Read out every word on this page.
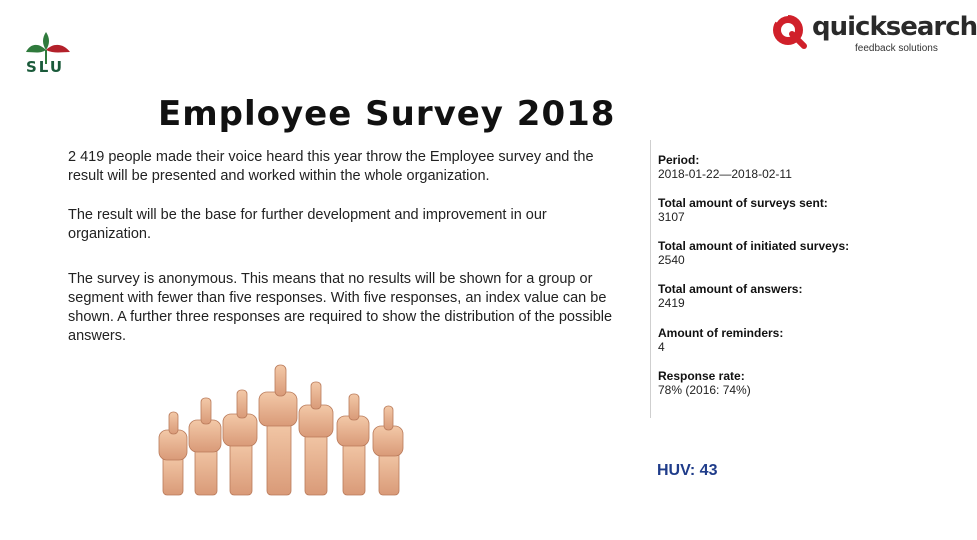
SLU
quicksearch
feedback solutions
Employee Survey 2018
2 419 people made their voice heard this year throw the Employee survey and the result will be presented and worked within the whole organization.
The result will be the base for further development and improvement in our organization.
The survey is anonymous. This means that no results will be shown for a group or segment with fewer than five responses. With five responses, an index value can be shown. A further three responses are required to show the distribution of the possible answers.
Period:
2018-01-22—2018-02-11
Total amount of surveys sent:
3107
Total amount of initiated surveys:
2540
Total amount of answers:
2419
Amount of reminders:
4
Response rate:
78% (2016: 74%)
HUV: 43
